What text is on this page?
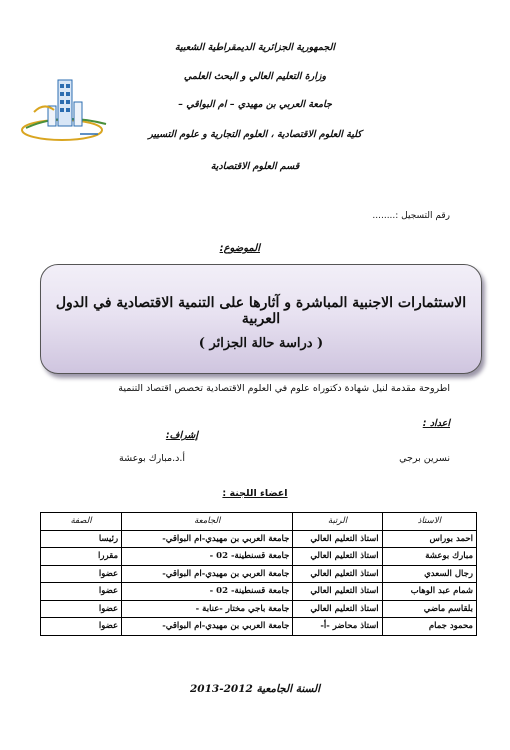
الجمهورية الجزائرية الديمقراطية الشعبية
وزارة التعليم العالي و البحث العلمي
جامعة العربي بن مهيدي – ام البواقي –
كلية العلوم الاقتصادية ، العلوم التجارية و علوم التسيير
قسم العلوم الاقتصادية
رقم التسجيل :........
الموضوع:
الاستثمارات الاجنبية المباشرة و آثارها على التنمية الاقتصادية في الدول العربية
( دراسة حالة الجزائر )
اطروحة مقدمة لنيل شهادة دكتوراه علوم في العلوم الاقتصادية تخصص اقتصاد التنمية
اعداد :
إشراف:
نسرين برجي
أ.د.مبارك بوعشة
اعضاء اللجنة :
الاستاذ	الرتبة	الجامعة	الصفة
احمد بوراس	استاذ التعليم العالي	جامعة العربي بن مهيدي-ام البواقي-	رئيسا
مبارك بوعشة	استاذ التعليم العالي	جامعة قسنطينة- 02 -	مقررا
رجال السعدي	استاذ التعليم العالي	جامعة العربي بن مهيدي-ام البواقي-	عضوا
شمام عبد الوهاب	استاذ التعليم العالي	جامعة قسنطينة- 02 -	عضوا
بلقاسم ماضي	استاذ التعليم العالي	جامعة باجي مختار -عنابة -	عضوا
محمود جمام	استاذ محاضر -أ-	جامعة العربي بن مهيدي-ام البواقي-	عضوا
السنة الجامعية 2012-2013
